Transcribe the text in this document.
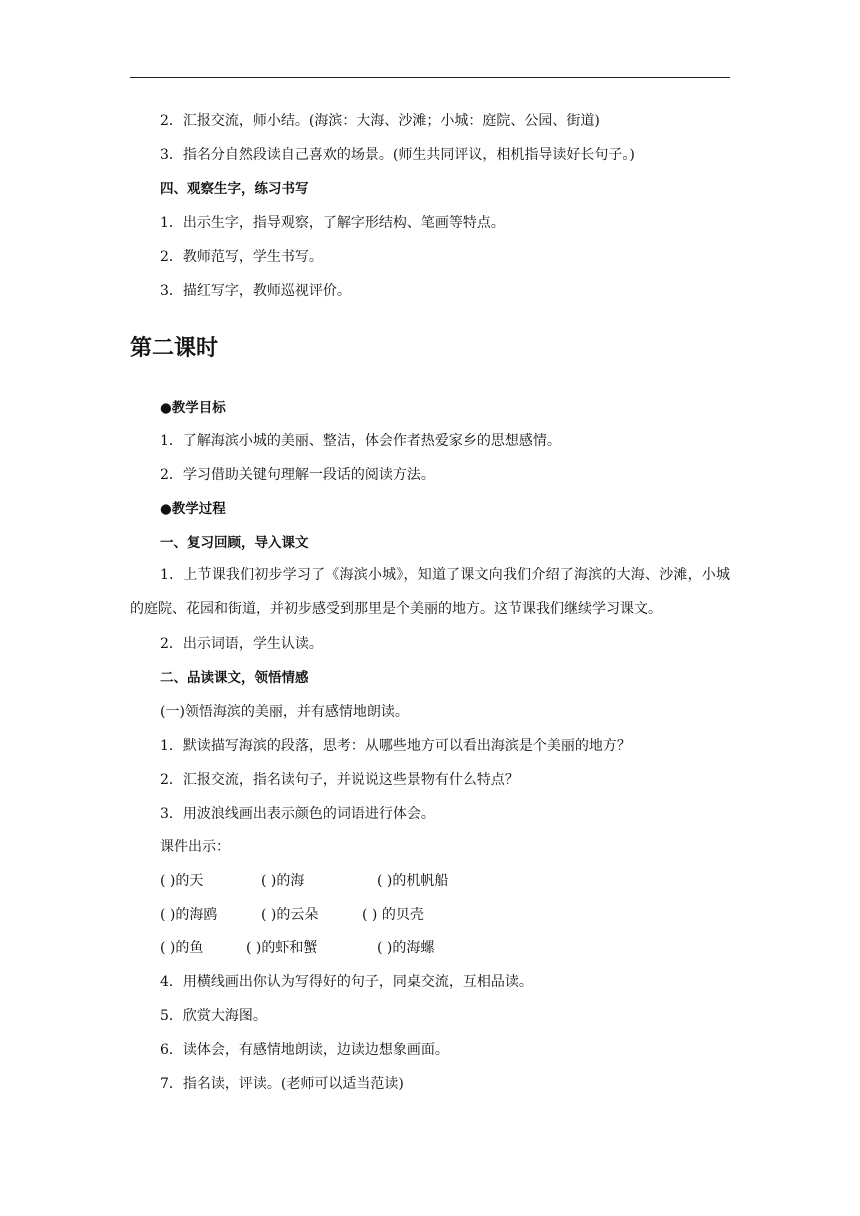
2．汇报交流，师小结。(海滨：大海、沙滩；小城：庭院、公园、街道)
3．指名分自然段读自己喜欢的场景。(师生共同评议，相机指导读好长句子。)
四、观察生字，练习书写
1．出示生字，指导观察，了解字形结构、笔画等特点。
2．教师范写，学生书写。
3．描红写字，教师巡视评价。
第二课时
●教学目标
1．了解海滨小城的美丽、整洁，体会作者热爱家乡的思想感情。
2．学习借助关键句理解一段话的阅读方法。
●教学过程
一、复习回顾，导入课文
1．上节课我们初步学习了《海滨小城》，知道了课文向我们介绍了海滨的大海、沙滩，小城的庭院、花园和街道，并初步感受到那里是个美丽的地方。这节课我们继续学习课文。
2．出示词语，学生认读。
二、品读课文，领悟情感
(一)领悟海滨的美丽，并有感情地朗读。
1．默读描写海滨的段落，思考：从哪些地方可以看出海滨是个美丽的地方？
2．汇报交流，指名读句子，并说说这些景物有什么特点？
3．用波浪线画出表示颜色的词语进行体会。
课件出示：
( )的天	( )的海	( )的机帆船
( )的海鸥	( )的云朵	( ) 的贝壳
( )的鱼	( )的虾和蟹	( )的海螺
4．用横线画出你认为写得好的句子，同桌交流，互相品读。
5．欣赏大海图。
6．读体会，有感情地朗读，边读边想象画面。
7．指名读，评读。(老师可以适当范读)
